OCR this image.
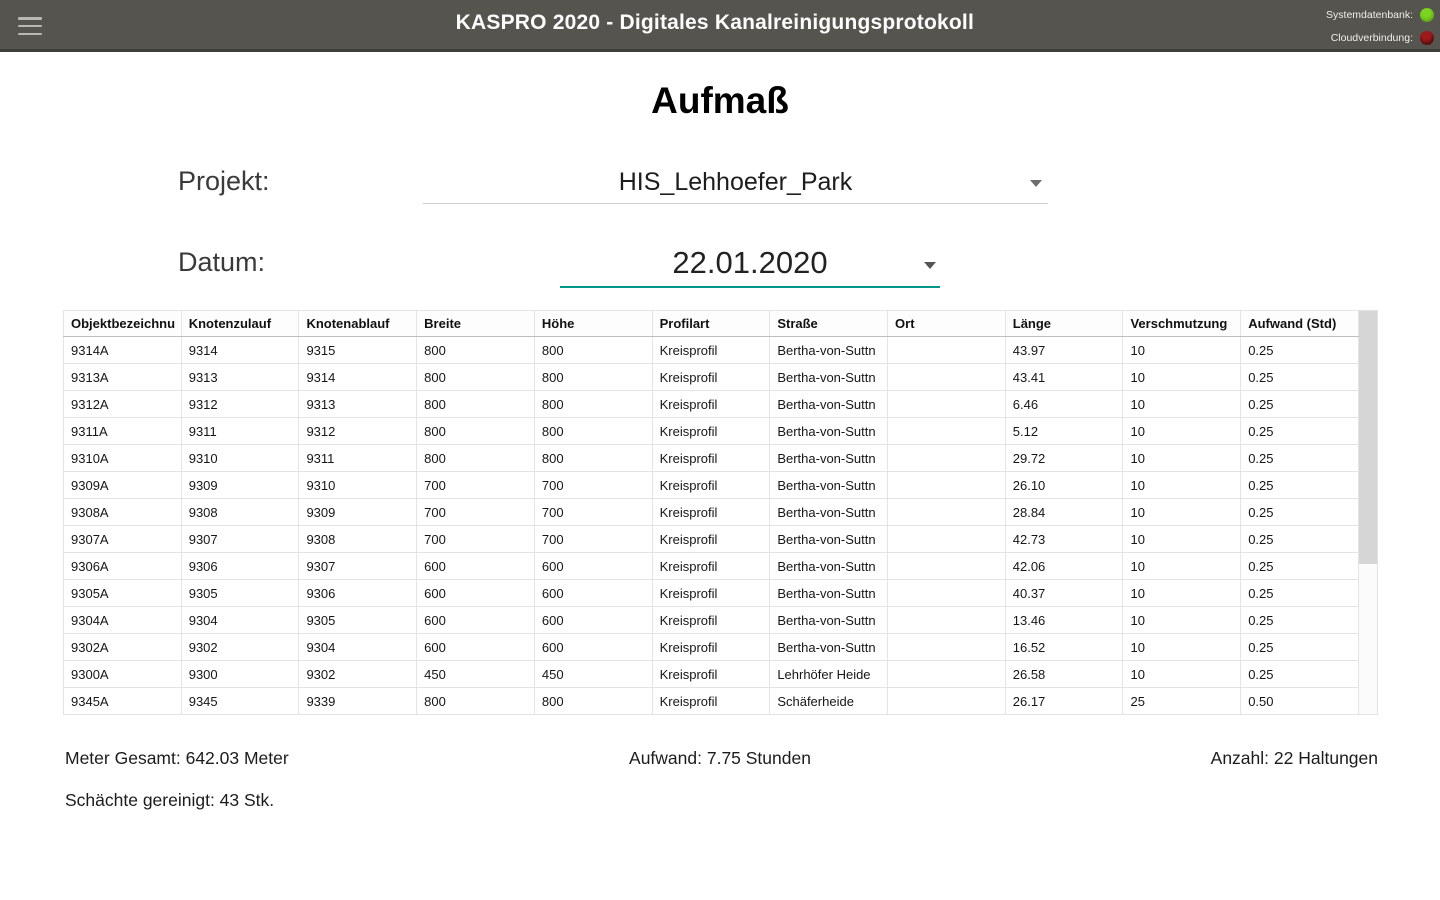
KASPRO 2020 - Digitales Kanalreinigungsprotokoll	Systemdatenbank:
Cloudverbindung:
Aufmaß
Projekt:	HIS_Lehhoefer_Park
Datum:	22.01.2020
Objektbezeichnu	Knotenzulauf	Knotenablauf	Breite	Höhe	Profilart	Straße	Ort	Länge	Verschmutzung	Aufwand (Std)
9314A	9314	9315	800	800	Kreisprofil	Bertha-von-Suttn		43.97	10	0.25
9313A	9313	9314	800	800	Kreisprofil	Bertha-von-Suttn		43.41	10	0.25
9312A	9312	9313	800	800	Kreisprofil	Bertha-von-Suttn		6.46	10	0.25
9311A	9311	9312	800	800	Kreisprofil	Bertha-von-Suttn		5.12	10	0.25
9310A	9310	9311	800	800	Kreisprofil	Bertha-von-Suttn		29.72	10	0.25
9309A	9309	9310	700	700	Kreisprofil	Bertha-von-Suttn		26.10	10	0.25
9308A	9308	9309	700	700	Kreisprofil	Bertha-von-Suttn		28.84	10	0.25
9307A	9307	9308	700	700	Kreisprofil	Bertha-von-Suttn		42.73	10	0.25
9306A	9306	9307	600	600	Kreisprofil	Bertha-von-Suttn		42.06	10	0.25
9305A	9305	9306	600	600	Kreisprofil	Bertha-von-Suttn		40.37	10	0.25
9304A	9304	9305	600	600	Kreisprofil	Bertha-von-Suttn		13.46	10	0.25
9302A	9302	9304	600	600	Kreisprofil	Bertha-von-Suttn		16.52	10	0.25
9300A	9300	9302	450	450	Kreisprofil	Lehrhöfer Heide		26.58	10	0.25
9345A	9345	9339	800	800	Kreisprofil	Schäferheide		26.17	25	0.50
Meter Gesamt: 642.03 Meter	Aufwand: 7.75 Stunden	Anzahl: 22 Haltungen
Schächte gereinigt: 43 Stk.
